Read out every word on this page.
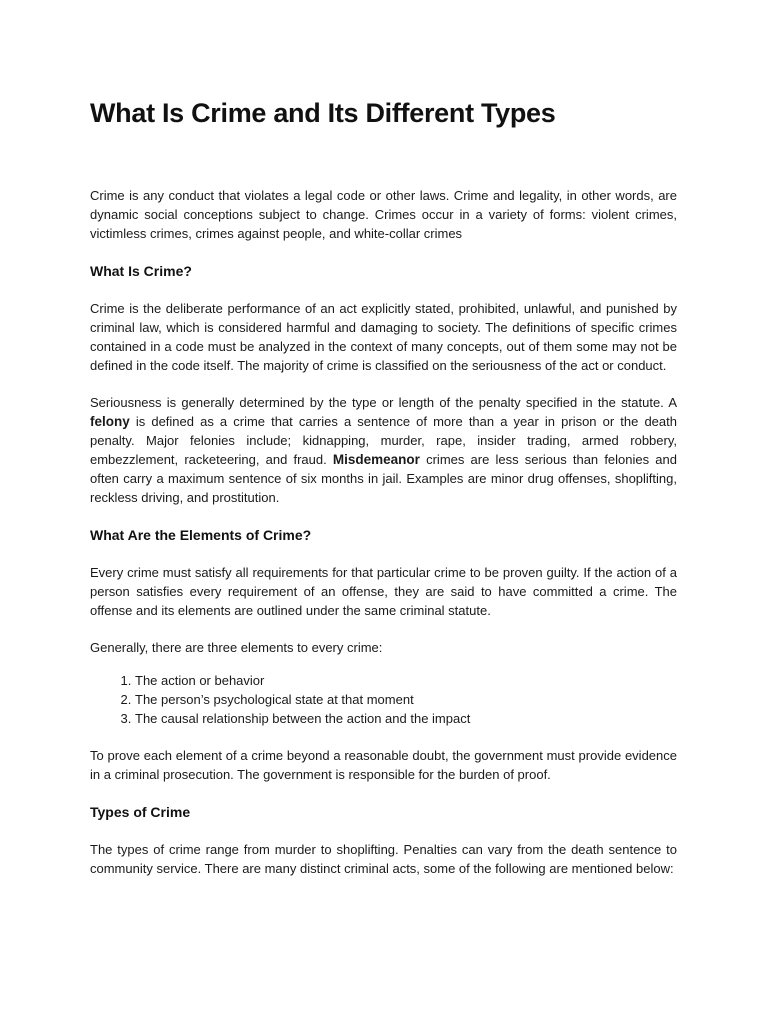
What Is Crime and Its Different Types

Crime is any conduct that violates a legal code or other laws. Crime and legality, in other words, are dynamic social conceptions subject to change. Crimes occur in a variety of forms: violent crimes, victimless crimes, crimes against people, and white-collar crimes

What Is Crime?

Crime is the deliberate performance of an act explicitly stated, prohibited, unlawful, and punished by criminal law, which is considered harmful and damaging to society. The definitions of specific crimes contained in a code must be analyzed in the context of many concepts, out of them some may not be defined in the code itself. The majority of crime is classified on the seriousness of the act or conduct.

Seriousness is generally determined by the type or length of the penalty specified in the statute. A felony is defined as a crime that carries a sentence of more than a year in prison or the death penalty. Major felonies include; kidnapping, murder, rape, insider trading, armed robbery, embezzlement, racketeering, and fraud. Misdemeanor crimes are less serious than felonies and often carry a maximum sentence of six months in jail. Examples are minor drug offenses, shoplifting, reckless driving, and prostitution.

What Are the Elements of Crime?

Every crime must satisfy all requirements for that particular crime to be proven guilty. If the action of a person satisfies every requirement of an offense, they are said to have committed a crime. The offense and its elements are outlined under the same criminal statute.

Generally, there are three elements to every crime:

1. The action or behavior
2. The person’s psychological state at that moment
3. The causal relationship between the action and the impact

To prove each element of a crime beyond a reasonable doubt, the government must provide evidence in a criminal prosecution. The government is responsible for the burden of proof.

Types of Crime

The types of crime range from murder to shoplifting. Penalties can vary from the death sentence to community service. There are many distinct criminal acts, some of the following are mentioned below:
